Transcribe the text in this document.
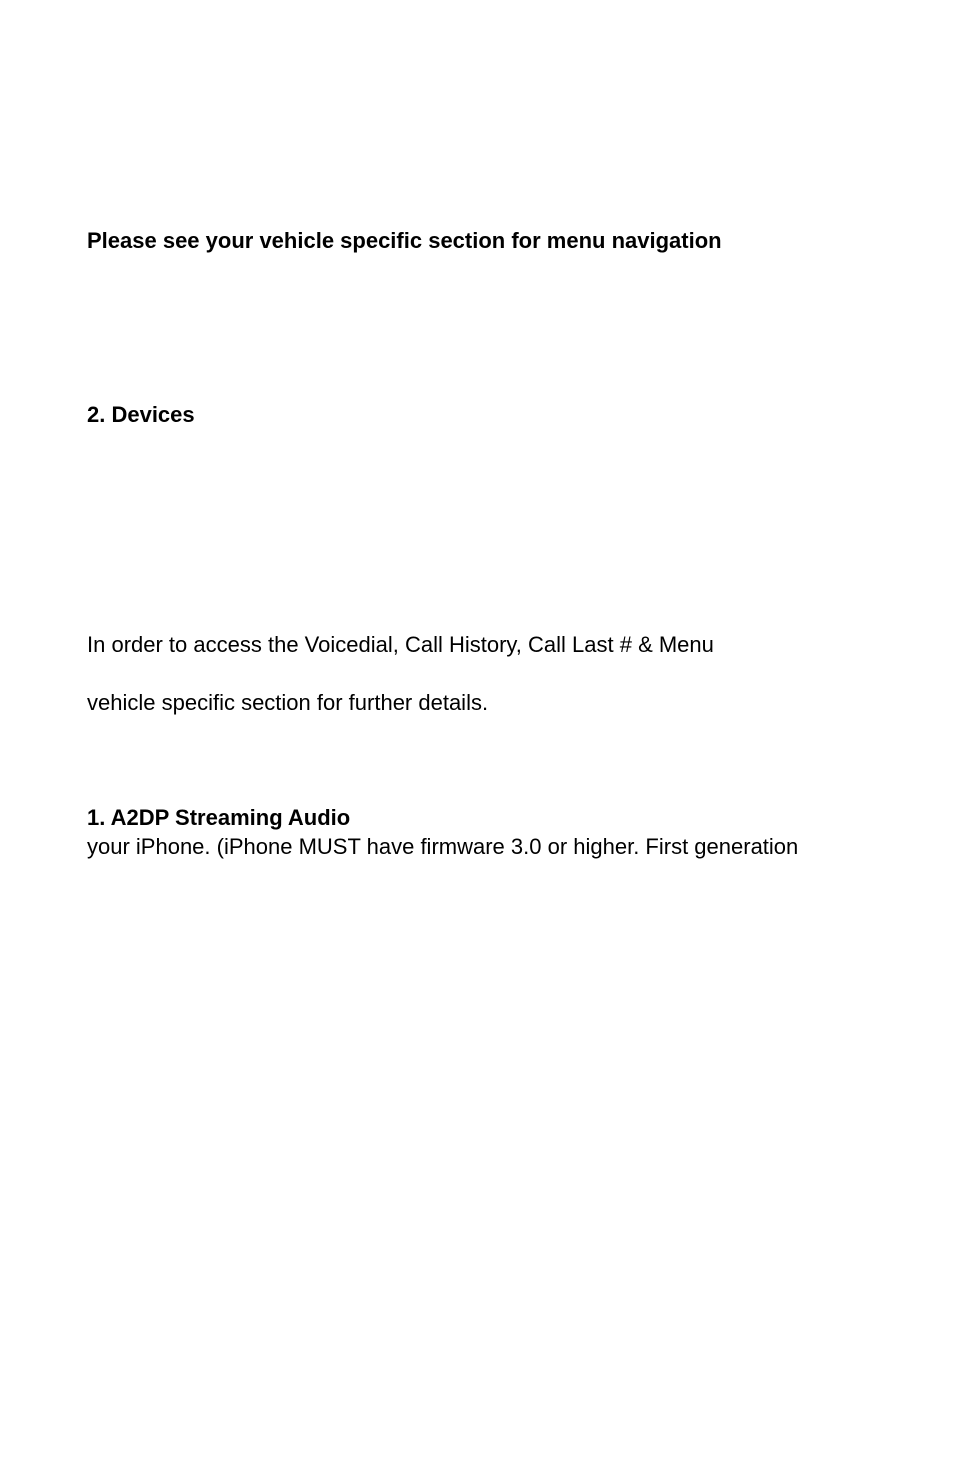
Please see your vehicle specific section for menu navigation

2. Devices

In order to access the Voicedial, Call History, Call Last # & Menu

vehicle specific section for further details.

1. A2DP Streaming Audio

your iPhone. (iPhone MUST have firmware 3.0 or higher. First generation
